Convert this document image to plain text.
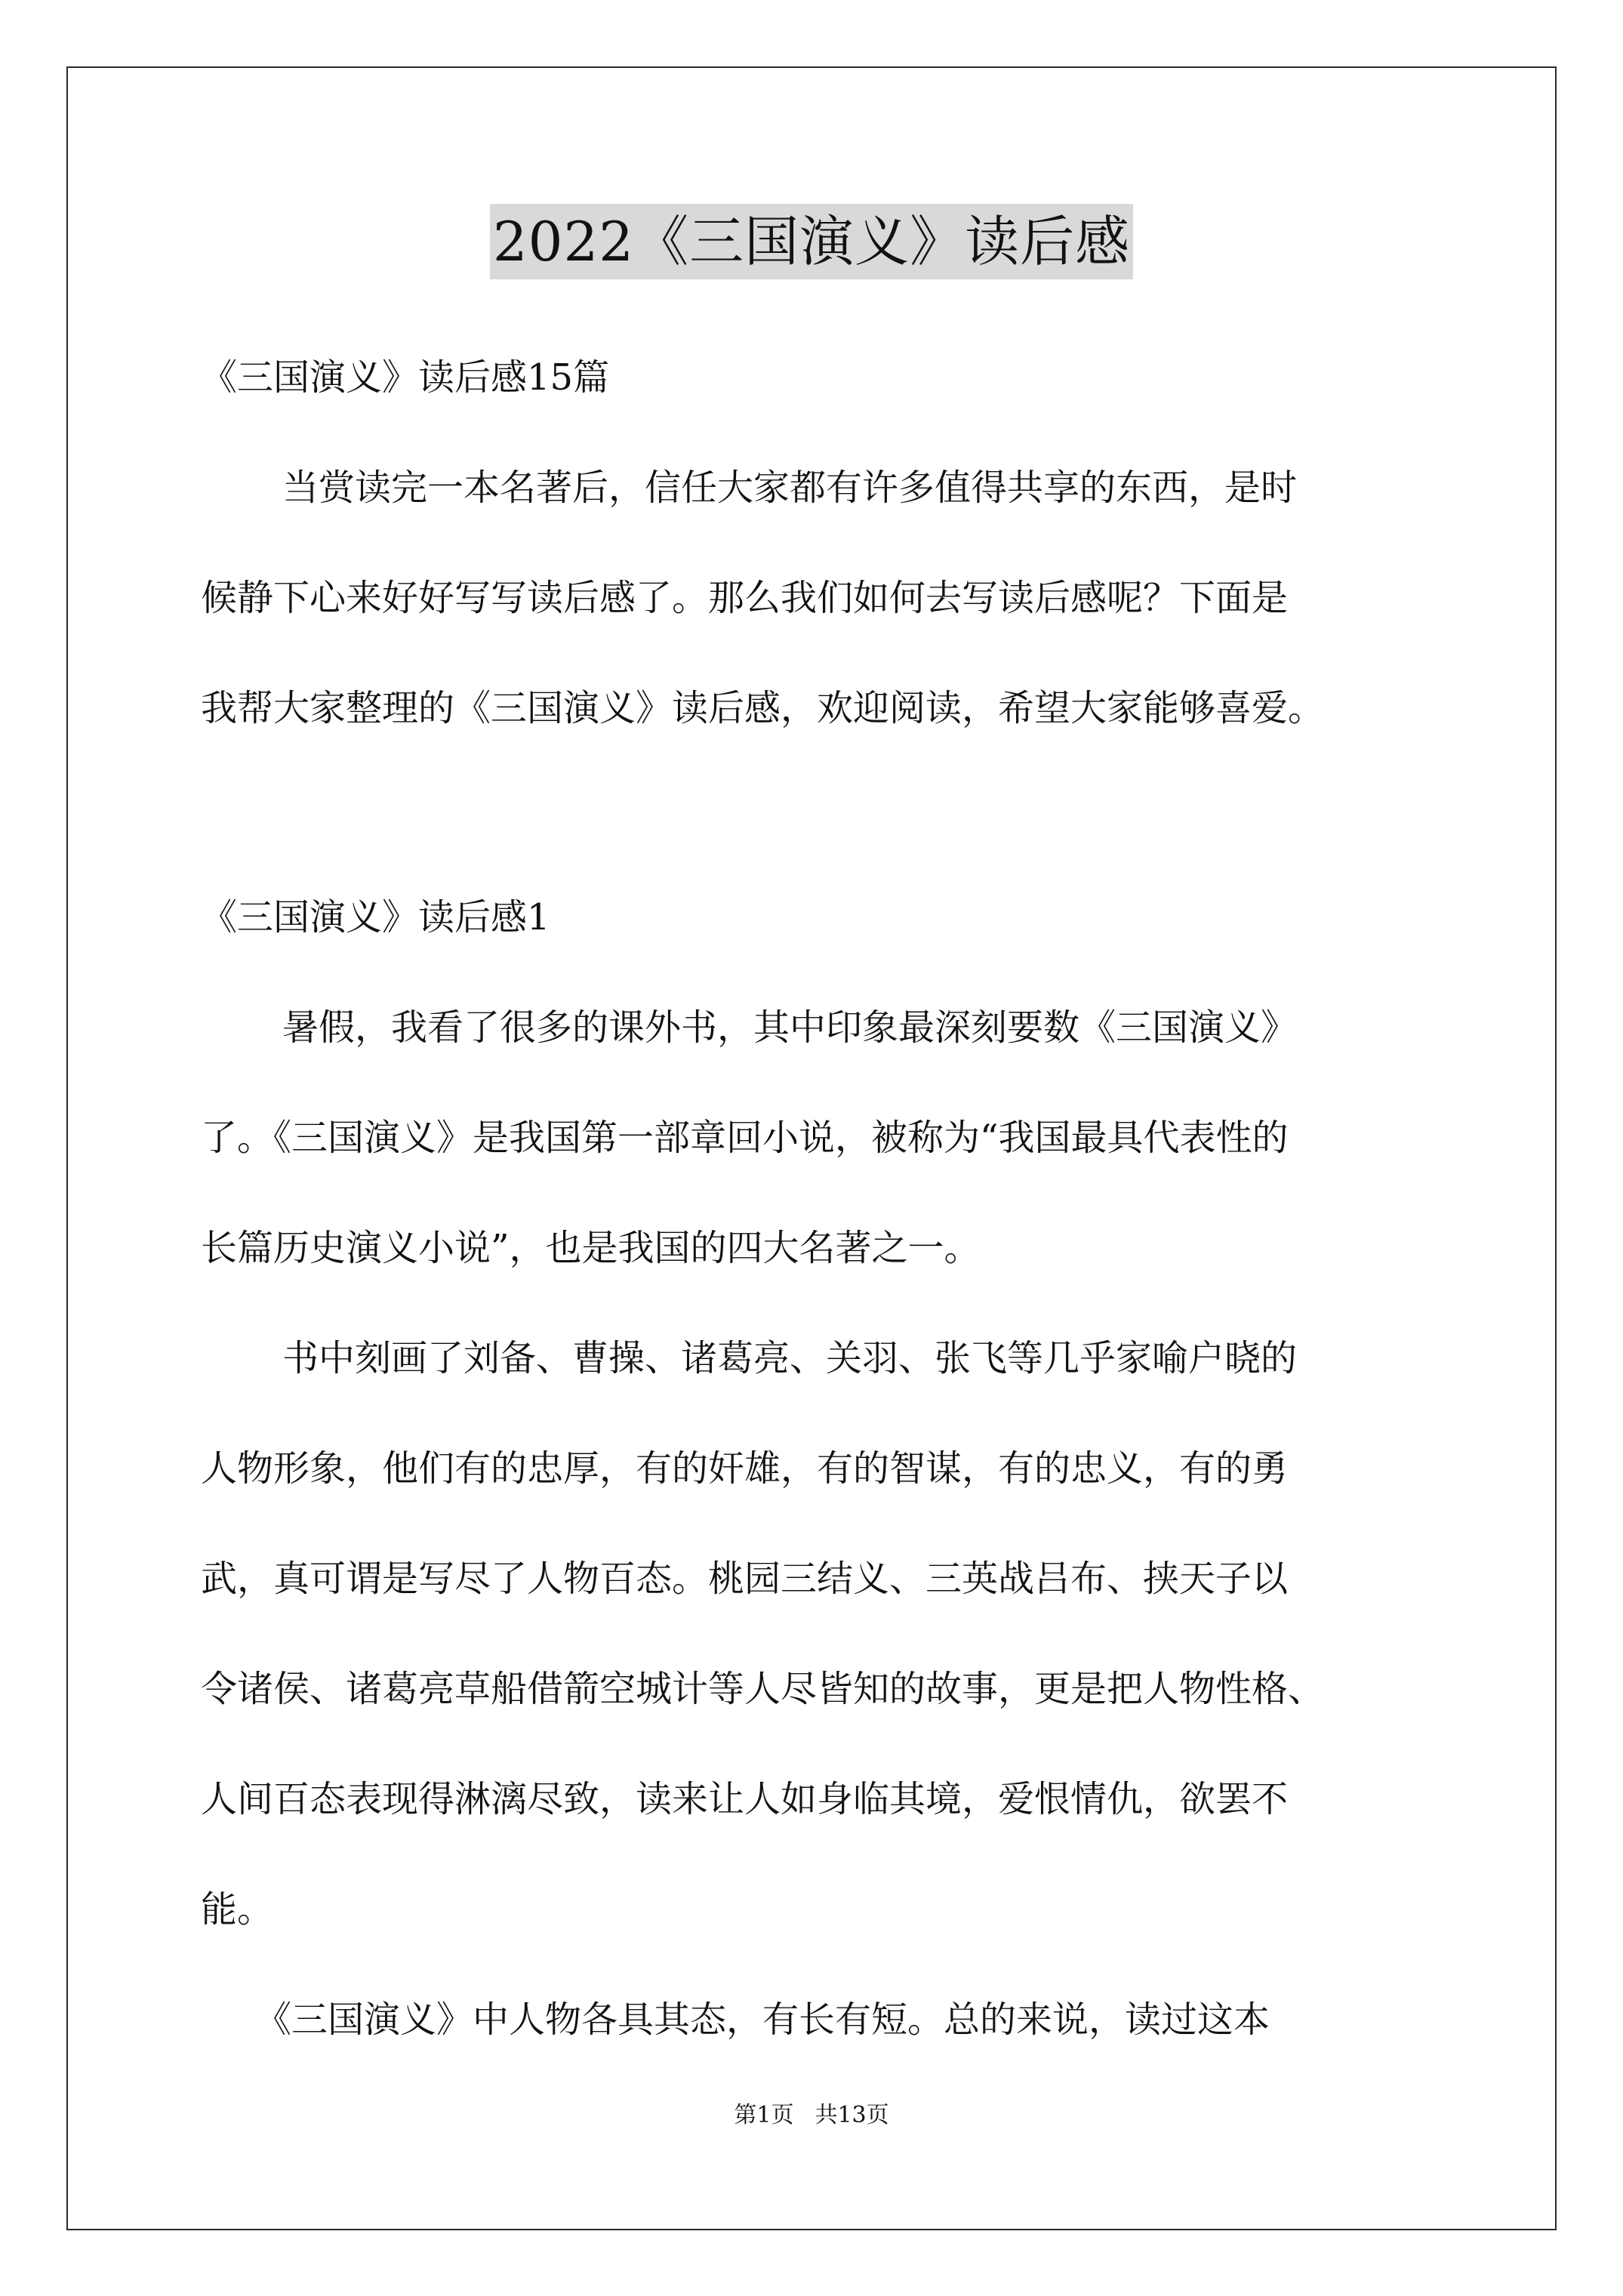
2022《三国演义》读后感
《三国演义》读后感15篇
当赏读完一本名著后，信任大家都有许多值得共享的东西，是时
候静下心来好好写写读后感了。那么我们如何去写读后感呢？下面是
我帮大家整理的《三国演义》读后感，欢迎阅读，希望大家能够喜爱。
《三国演义》读后感1
暑假，我看了很多的课外书，其中印象最深刻要数《三国演义》
了。《三国演义》是我国第一部章回小说，被称为“我国最具代表性的
长篇历史演义小说”，也是我国的四大名著之一。
书中刻画了刘备、曹操、诸葛亮、关羽、张飞等几乎家喻户晓的
人物形象，他们有的忠厚，有的奸雄，有的智谋，有的忠义，有的勇
武，真可谓是写尽了人物百态。桃园三结义、三英战吕布、挟天子以
令诸侯、诸葛亮草船借箭空城计等人尽皆知的故事，更是把人物性格、
人间百态表现得淋漓尽致，读来让人如身临其境，爱恨情仇，欲罢不
能。
《三国演义》中人物各具其态，有长有短。总的来说，读过这本
第1页 共13页
